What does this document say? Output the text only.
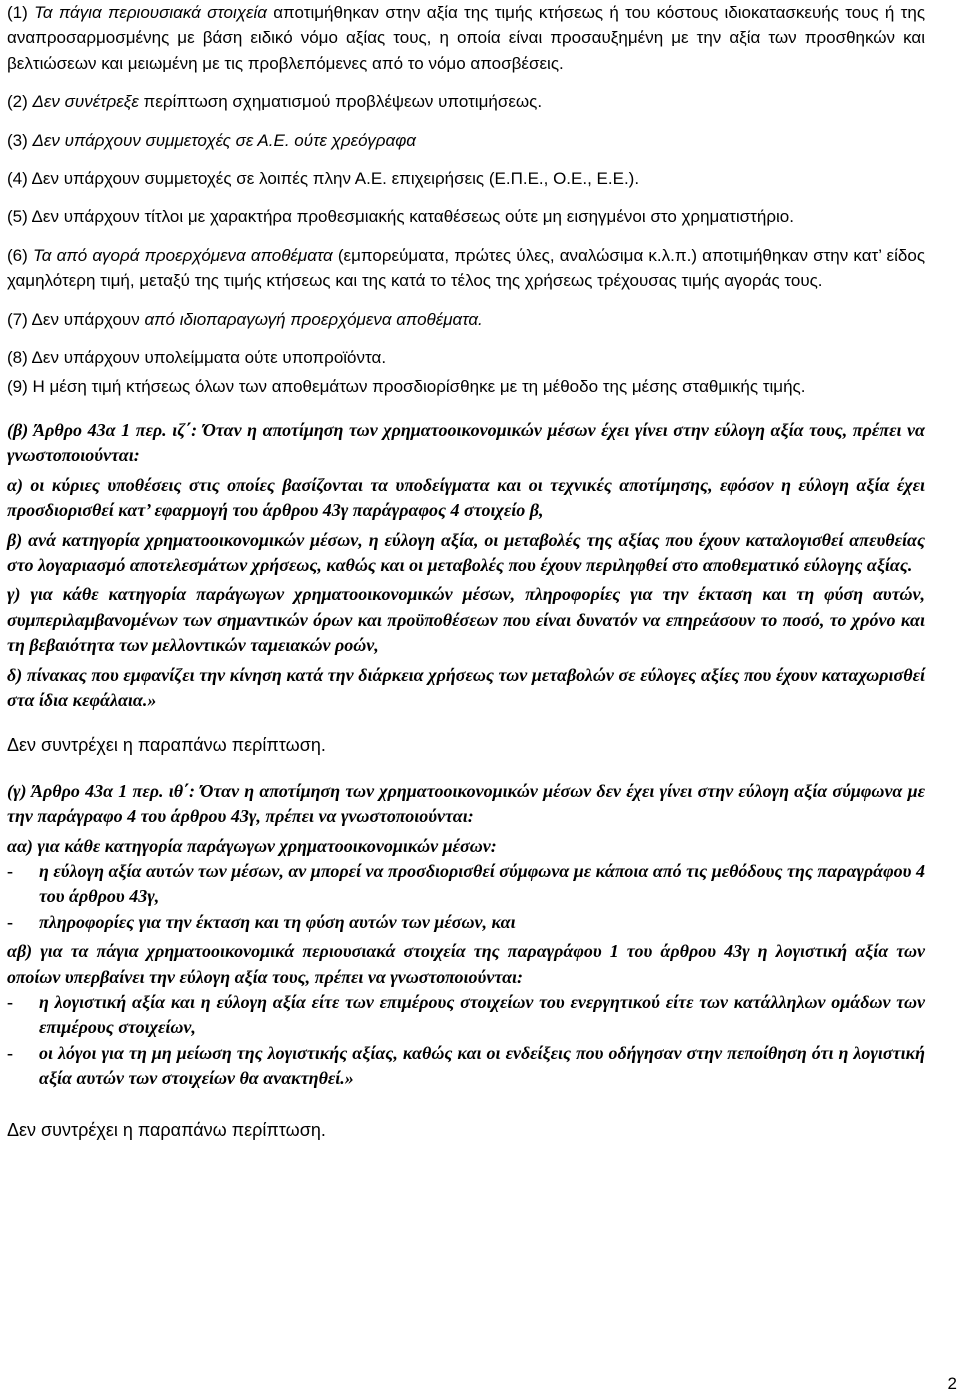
(1) Τα πάγια περιουσιακά στοιχεία αποτιμήθηκαν στην αξία της τιμής κτήσεως ή του κόστους ιδιοκατασκευής τους ή της αναπροσαρμοσμένης με βάση ειδικό νόμο αξίας τους, η οποία είναι προσαυξημένη με την αξία των προσθηκών και βελτιώσεων και μειωμένη με τις προβλεπόμενες από το νόμο αποσβέσεις.

(2) Δεν συνέτρεξε περίπτωση σχηματισμού προβλέψεων υποτιμήσεως.

(3) Δεν υπάρχουν συμμετοχές σε Α.Ε. ούτε χρεόγραφα

(4) Δεν υπάρχουν συμμετοχές σε λοιπές πλην Α.Ε. επιχειρήσεις (Ε.Π.Ε., Ο.Ε., Ε.Ε.).

(5) Δεν υπάρχουν τίτλοι με χαρακτήρα προθεσμιακής καταθέσεως ούτε μη εισηγμένοι στο χρηματιστήριο.

(6) Τα από αγορά προερχόμενα αποθέματα (εμπορεύματα, πρώτες ύλες, αναλώσιμα κ.λ.π.) αποτιμήθηκαν στην κατ’ είδος χαμηλότερη τιμή, μεταξύ της τιμής κτήσεως και της κατά το τέλος της χρήσεως τρέχουσας τιμής αγοράς τους.

(7) Δεν υπάρχουν από ιδιοπαραγωγή προερχόμενα αποθέματα.

(8) Δεν υπάρχουν υπολείμματα ούτε υποπροϊόντα.

(9) Η μέση τιμή κτήσεως όλων των αποθεμάτων προσδιορίσθηκε με τη μέθοδο της μέσης σταθμικής τιμής.

(β) Άρθρο 43α 1 περ. ιζ΄: Όταν η αποτίμηση των χρηματοοικονομικών μέσων έχει γίνει στην εύλογη αξία τους, πρέπει να γνωστοποιούνται:

α) οι κύριες υποθέσεις στις οποίες βασίζονται τα υποδείγματα και οι τεχνικές αποτίμησης, εφόσον η εύλογη αξία έχει προσδιορισθεί κατ’ εφαρμογή του άρθρου 43γ παράγραφος 4 στοιχείο β,

β) ανά κατηγορία χρηματοοικονομικών μέσων, η εύλογη αξία, οι μεταβολές της αξίας που έχουν καταλογισθεί απευθείας στο λογαριασμό αποτελεσμάτων χρήσεως, καθώς και οι μεταβολές που έχουν περιληφθεί στο αποθεματικό εύλογης αξίας.

γ) για κάθε κατηγορία παράγωγων χρηματοοικονομικών μέσων, πληροφορίες για την έκταση και τη φύση αυτών, συμπεριλαμβανομένων των σημαντικών όρων και προϋποθέσεων που είναι δυνατόν να επηρεάσουν το ποσό, το χρόνο και τη βεβαιότητα των μελλοντικών ταμειακών ροών,

δ) πίνακας που εμφανίζει την κίνηση κατά την διάρκεια χρήσεως των μεταβολών σε εύλογες αξίες που έχουν καταχωρισθεί στα ίδια κεφάλαια.»

Δεν συντρέχει η παραπάνω περίπτωση.

(γ) Άρθρο 43α 1 περ. ιθ΄: Όταν η αποτίμηση των χρηματοοικονομικών μέσων δεν έχει γίνει στην εύλογη αξία σύμφωνα με την παράγραφο 4 του άρθρου 43γ, πρέπει να γνωστοποιούνται:

αα) για κάθε κατηγορία παράγωγων χρηματοοικονομικών μέσων:

-	η εύλογη αξία αυτών των μέσων, αν μπορεί να προσδιορισθεί σύμφωνα με κάποια από τις μεθόδους της παραγράφου 4 του άρθρου 43γ,
-	πληροφορίες για την έκταση και τη φύση αυτών των μέσων, και

αβ) για τα πάγια χρηματοοικονομικά περιουσιακά στοιχεία της παραγράφου 1 του άρθρου 43γ η λογιστική αξία των οποίων υπερβαίνει την εύλογη αξία τους, πρέπει να γνωστοποιούνται:

-	η λογιστική αξία και η εύλογη αξία είτε των επιμέρους στοιχείων του ενεργητικού είτε των κατάλληλων ομάδων των επιμέρους στοιχείων,
-	οι λόγοι για τη μη μείωση της λογιστικής αξίας, καθώς και οι ενδείξεις που οδήγησαν στην πεποίθηση ότι η λογιστική αξία αυτών των στοιχείων θα ανακτηθεί.»

Δεν συντρέχει η παραπάνω περίπτωση.

2
